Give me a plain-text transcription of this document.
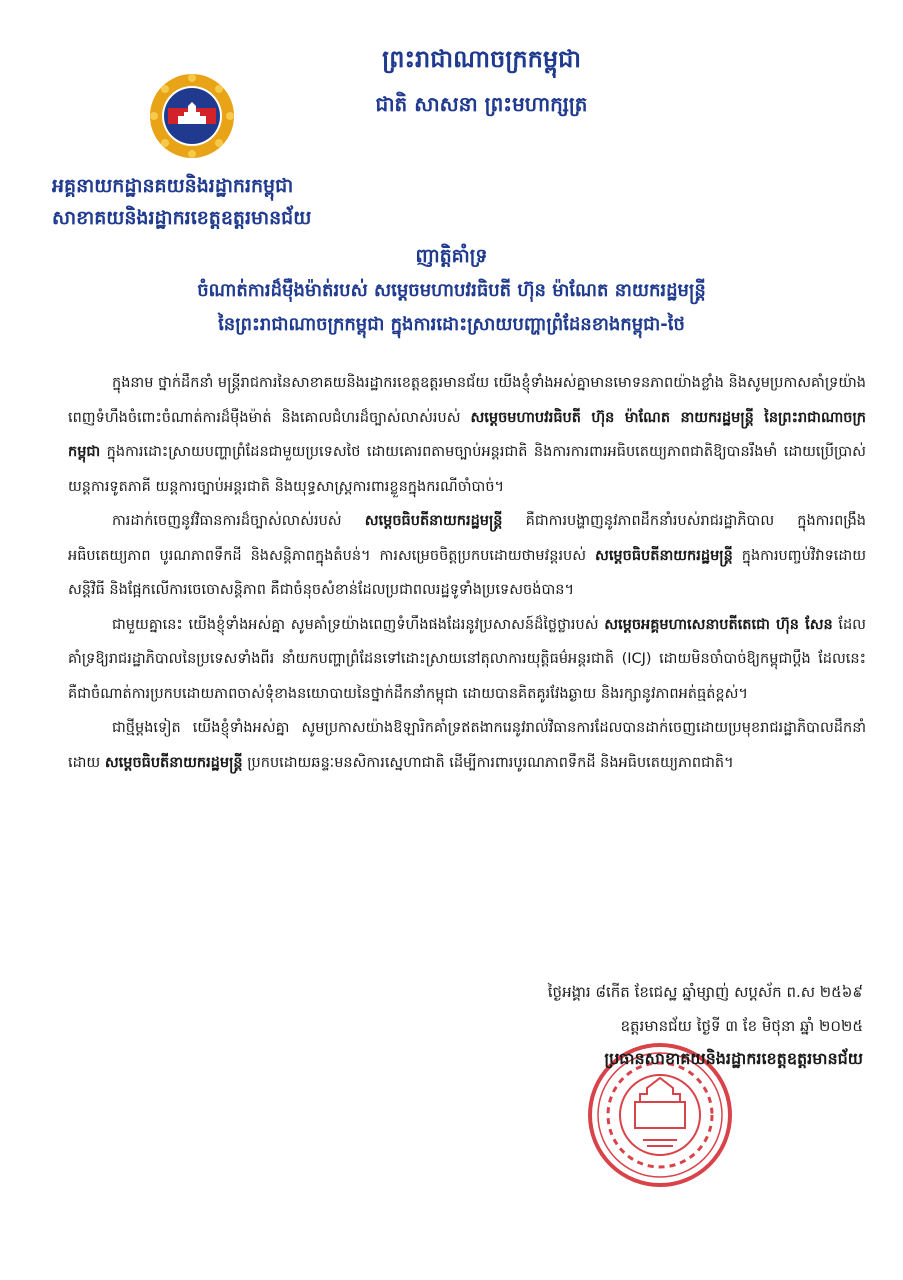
ព្រះរាជាណាចក្រកម្ពុជា
ជាតិ សាសនា ព្រះមហាក្សត្រ
អគ្គនាយកដ្ឋានគយនិងរដ្ឋាករកម្ពុជា
សាខាគយនិងរដ្ឋាករខេត្តឧត្តរមានជ័យ
ញាត្តិគាំទ្រ
ចំណាត់ការដ៏ម៉ឺងម៉ាត់របស់ សម្តេចមហាបវរធិបតី ហ៊ុន ម៉ាណែត នាយករដ្ឋមន្ត្រី
នៃព្រះរាជាណាចក្រកម្ពុជា ក្នុងការដោះស្រាយបញ្ហាព្រំដែនខាងកម្ពុជា-ថៃ

ក្នុងនាម ថ្នាក់ដឹកនាំ មន្ត្រីរាជការនៃសាខាគយនិងរដ្ឋាករខេត្តឧត្តរមានជ័យ យើងខ្ញុំទាំងអស់គ្នាមានមោទនភាពយ៉ាងខ្លាំង និងសូមប្រកាសគាំទ្រយ៉ាងពេញទំហឹងចំពោះចំណាត់ការដ៏ម៉ឺងម៉ាត់ និងគោលជំហរដ៏ច្បាស់លាស់របស់ សម្តេចមហាបវរធិបតី ហ៊ុន ម៉ាណែត នាយករដ្ឋមន្ត្រី នៃព្រះរាជាណាចក្រកម្ពុជា ក្នុងការដោះស្រាយបញ្ហាព្រំដែនជាមួយប្រទេសថៃ ដោយគោរពតាមច្បាប់អន្តរជាតិ និងការការពារអធិបតេយ្យភាពជាតិឱ្យបានរឹងមាំ ដោយប្រើប្រាស់យន្តការទូតភាគី យន្តការច្បាប់អន្តរជាតិ និងយុទ្ធសាស្ត្រការពារខ្លួនក្នុងករណីចាំបាច់។

ការដាក់ចេញនូវវិធានការដ៏ច្បាស់លាស់របស់ សម្តេចធិបតីនាយករដ្ឋមន្ត្រី គឺជាការបង្ហាញនូវភាពដឹកនាំរបស់រាជរដ្ឋាភិបាល ក្នុងការពង្រឹងអធិបតេយ្យភាព បូរណភាពទឹកដី និងសន្តិភាពក្នុងតំបន់។ ការសម្រេចចិត្តប្រកបដោយថាមវន្តរបស់ សម្តេចធិបតីនាយករដ្ឋមន្ត្រី ក្នុងការបញ្ចប់វិវាទដោយសន្តិវិធី និងផ្អែកលើការចេចោសន្តិភាព គឺជាចំនុចសំខាន់ដែលប្រជាពលរដ្ឋទូទាំងប្រទេសចង់បាន។

ជាមួយគ្នានេះ យើងខ្ញុំទាំងអស់គ្នា សូមគាំទ្រយ៉ាងពេញទំហឹងផងដែរនូវប្រសាសន៍ដ៏ថ្លៃថ្លារបស់ សម្តេចអគ្គមហាសេនាបតីតេជោ ហ៊ុន សែន ដែលគាំទ្រឱ្យរាជរដ្ឋាភិបាលនៃប្រទេសទាំងពីរ នាំយកបញ្ហាព្រំដែនទៅដោះស្រាយនៅតុលាការយុត្តិធម៌អន្តរជាតិ (ICJ) ដោយមិនចាំបាច់ឱ្យកម្ពុជាប្តឹង ដែលនេះគឺជាចំណាត់ការប្រកបដោយភាពចាស់ទុំខាងនយោបាយនៃថ្នាក់ដឹកនាំកម្ពុជា ដោយបានគិតគូរវែងឆ្ងាយ និងរក្សានូវភាពអត់ធ្មត់ខ្ពស់។

ជាថ្មីម្តងទៀត យើងខ្ញុំទាំងអស់គ្នា សូមប្រកាសយ៉ាងឱឡារិកគាំទ្រឥតងាករេនូវរាល់វិធានការដែលបានដាក់ចេញដោយប្រមុខរាជរដ្ឋាភិបាលដឹកនាំដោយ សម្តេចធិបតីនាយករដ្ឋមន្ត្រី ប្រកបដោយឆន្ទៈមនសិការស្នេហាជាតិ ដើម្បីការពារបូរណភាពទឹកដី និងអធិបតេយ្យភាពជាតិ។

ថ្ងៃអង្គារ ៨កើត ខែជេស្ឋ ឆ្នាំម្សាញ់ សប្តស័ក ព.ស ២៥៦៩
ឧត្តរមានជ័យ ថ្ងៃទី ៣ ខែ មិថុនា ឆ្នាំ ២០២៥
ប្រធានសាខាគយនិងរដ្ឋាករខេត្តឧត្តរមានជ័យ
